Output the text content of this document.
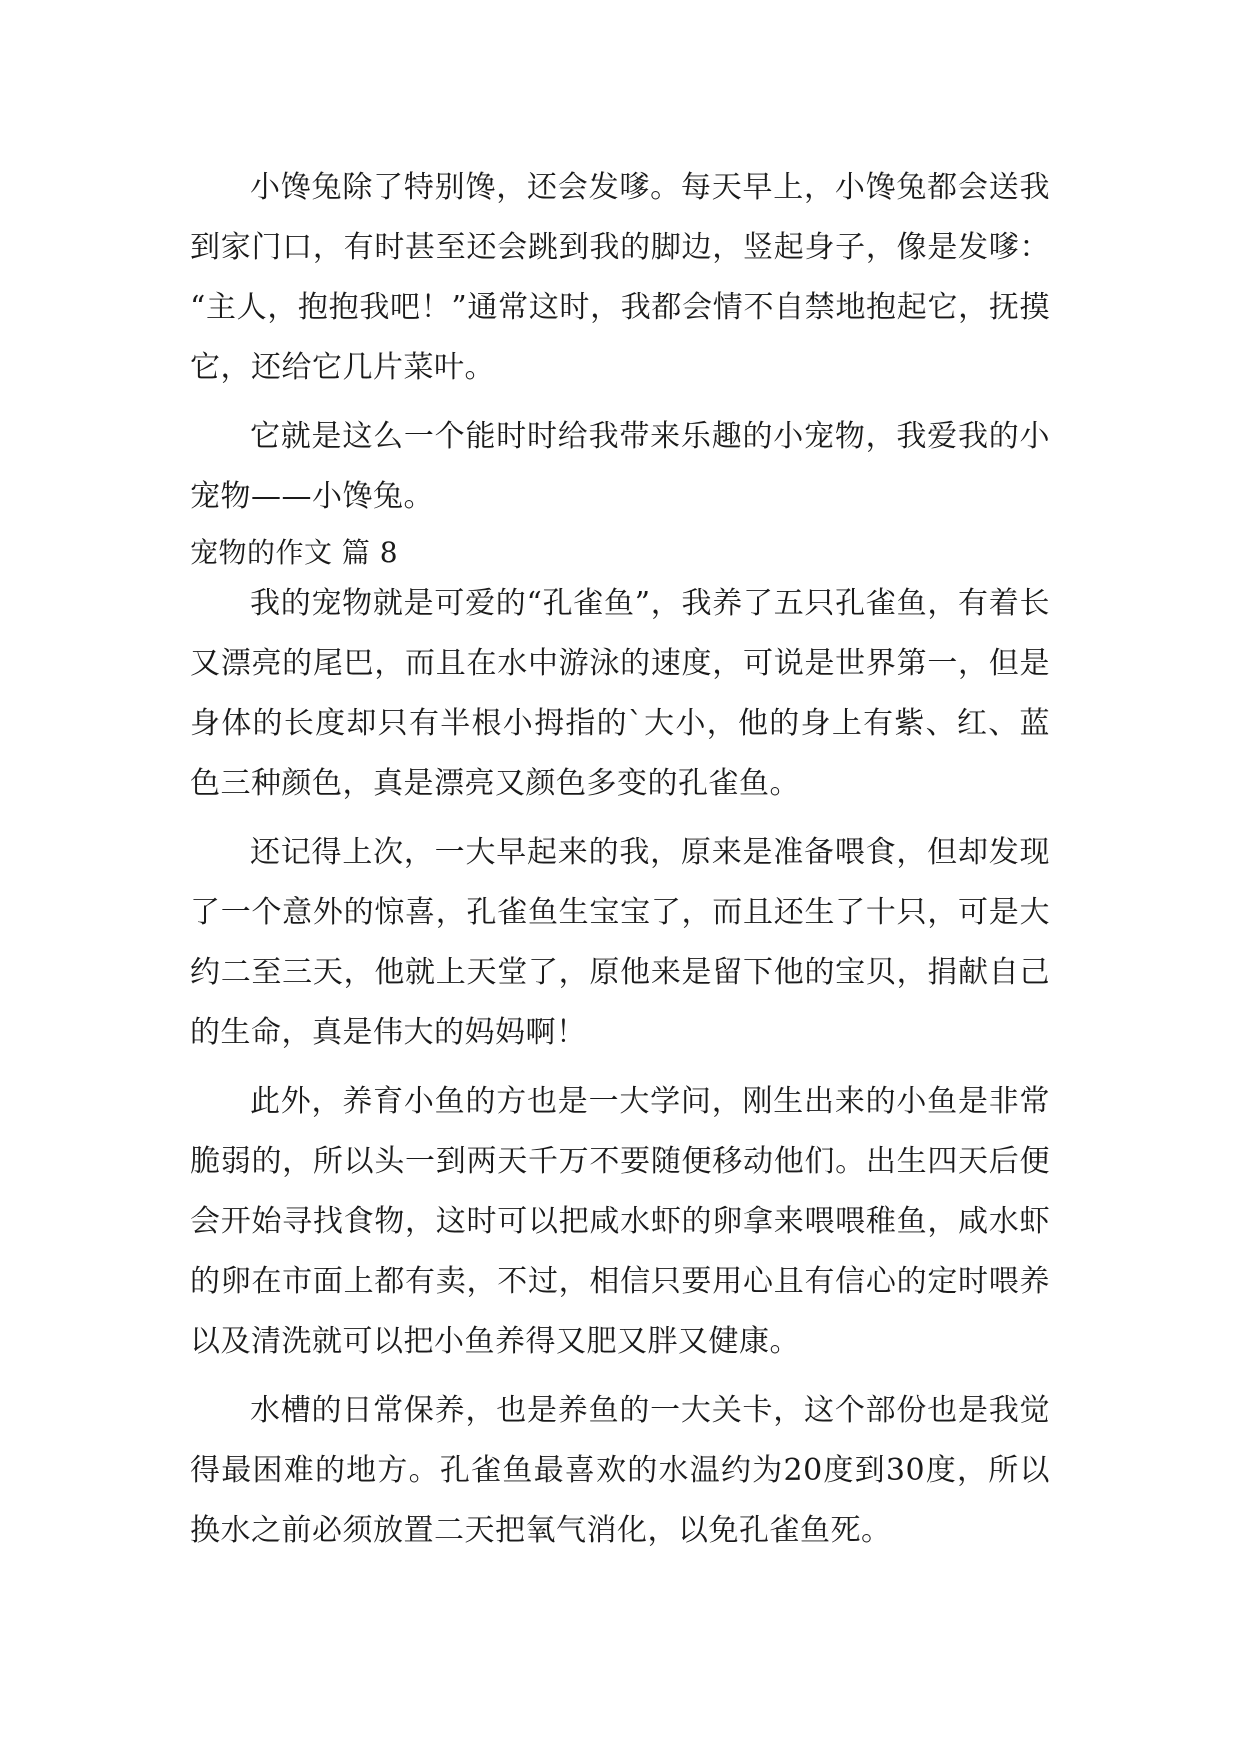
小馋兔除了特别馋，还会发嗲。每天早上，小馋兔都会送我到家门口，有时甚至还会跳到我的脚边，竖起身子，像是发嗲：“主人，抱抱我吧！”通常这时，我都会情不自禁地抱起它，抚摸它，还给它几片菜叶。

它就是这么一个能时时给我带来乐趣的小宠物，我爱我的小宠物——小馋兔。

宠物的作文 篇 8

我的宠物就是可爱的“孔雀鱼”，我养了五只孔雀鱼，有着长又漂亮的尾巴，而且在水中游泳的速度，可说是世界第一，但是身体的长度却只有半根小拇指的`大小，他的身上有紫、红、蓝色三种颜色，真是漂亮又颜色多变的孔雀鱼。

还记得上次，一大早起来的我，原来是准备喂食，但却发现了一个意外的惊喜，孔雀鱼生宝宝了，而且还生了十只，可是大约二至三天，他就上天堂了，原他来是留下他的宝贝，捐献自己的生命，真是伟大的妈妈啊！

此外，养育小鱼的方也是一大学问，刚生出来的小鱼是非常脆弱的，所以头一到两天千万不要随便移动他们。出生四天后便会开始寻找食物，这时可以把咸水虾的卵拿来喂喂稚鱼，咸水虾的卵在市面上都有卖，不过，相信只要用心且有信心的定时喂养以及清洗就可以把小鱼养得又肥又胖又健康。

水槽的日常保养，也是养鱼的一大关卡，这个部份也是我觉得最困难的地方。孔雀鱼最喜欢的水温约为20度到30度，所以换水之前必须放置二天把氧气消化，以免孔雀鱼死。
